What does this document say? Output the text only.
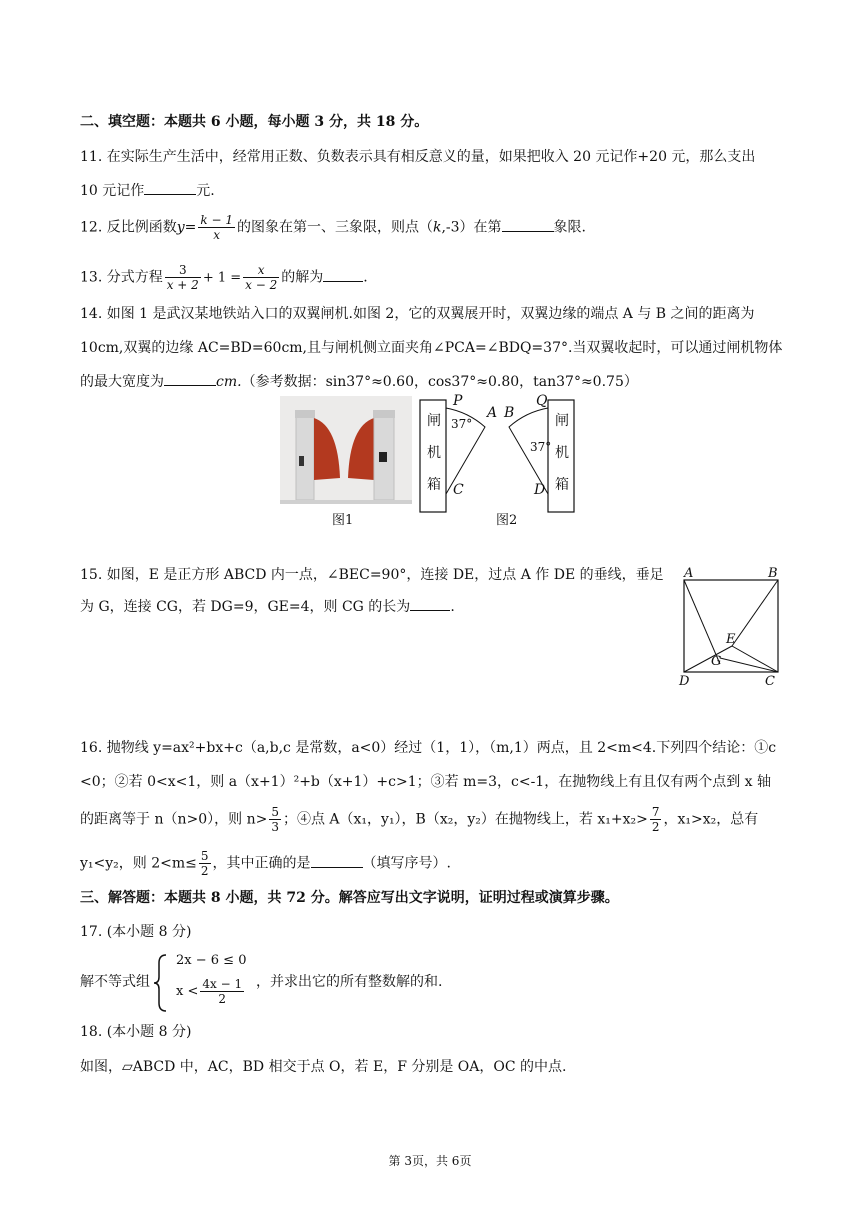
二、填空题：本题共 6 小题，每小题 3 分，共 18 分。
11. 在实际生产生活中，经常用正数、负数表示具有相反意义的量，如果把收入 20 元记作+20 元，那么支出
10 元记作	元.
12. 反比例函数$y= \frac{k - 1}{x}$ 的图象在第一、三象限，则点（k,-3）在第	象限.
13. 分式方程 $\frac{3}{x + 2} + 1 = \frac{x}{x - 2}$ 的解为	.
14. 如图 1 是武汉某地铁站入口的双翼闸机.如图 2，它的双翼展开时，双翼边缘的端点 A 与 B 之间的距离为
10cm,双翼的边缘 AC=BD=60cm,且与闸机侧立面夹角∠PCA=∠BDQ=37°.当双翼收起时，可以通过闸机物体
的最大宽度为	cm.（参考数据：sin37°≈0.60，cos37°≈0.80，tan37°≈0.75）
闸
机
箱
闸
机
箱
P
A B
Q
C	D
37°
37°
图1	图2
15. 如图，E 是正方形 ABCD 内一点，∠BEC=90°，连接 DE，过点 A 作 DE 的垂线，垂足
为 G，连接 CG，若 DG=9，GE=4，则 CG 的长为	.
A	B
C
D
E
G
16. 抛物线 y=ax²+bx+c（a,b,c 是常数，a<0）经过（1，1），（m,1）两点，且 2<m<4.下列四个结论：①c
<0；②若 0<x<1，则 a（x+1）²+b（x+1）+c>1；③若 m=3，c<-1，在抛物线上有且仅有两个点到 x 轴
的距离等于 n（n>0），则 $n> \frac{5}{3}$ ；④点 A（x₁，y₁），B（x₂，y₂）在抛物线上，若 $x_1+x_2> \frac{7}{2}$ ，x₁>x₂，总有
y₁<y₂，则 $2<m\le \frac{5}{2}$ ，其中正确的是	（填写序号）.
三、解答题：本题共 8 小题，共 72 分。解答应写出文字说明，证明过程或演算步骤。
17. (本小题 8 分)
解不等式组
2x − 6 ≤ 0
$x < \frac{4x - 1}{2}$ ，并求出它的所有整数解的和.
18. (本小题 8 分)
如图，▱ABCD 中，AC，BD 相交于点 O，若 E，F 分别是 OA，OC 的中点.
第 3页，共 6页
